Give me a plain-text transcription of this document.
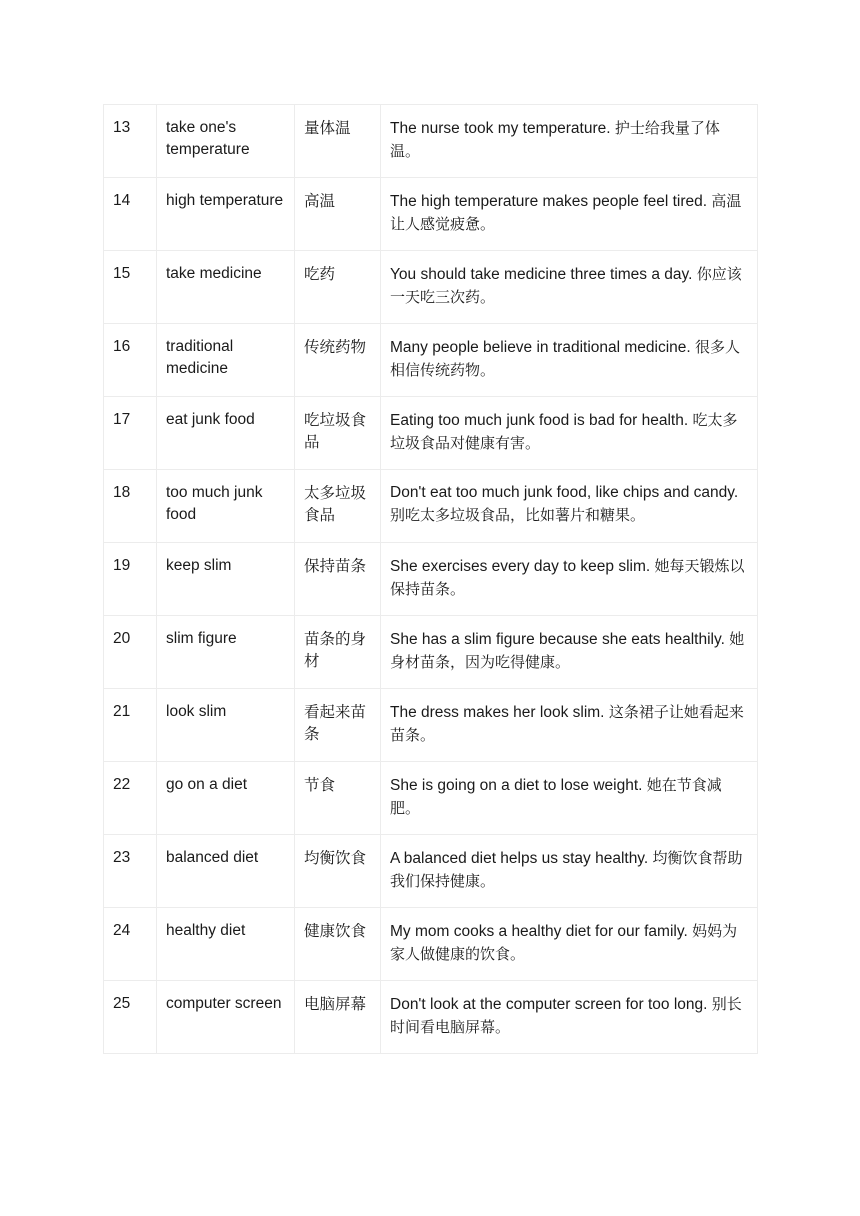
13	take one's temperature	量体温	The nurse took my temperature. 护士给我量了体温。
14	high temperature	高温	The high temperature makes people feel tired. 高温让人感觉疲惫。
15	take medicine	吃药	You should take medicine three times a day. 你应该一天吃三次药。
16	traditional medicine	传统药物	Many people believe in traditional medicine. 很多人相信传统药物。
17	eat junk food	吃垃圾食品	Eating too much junk food is bad for health. 吃太多垃圾食品对健康有害。
18	too much junk food	太多垃圾食品	Don't eat too much junk food, like chips and candy. 别吃太多垃圾食品，比如薯片和糖果。
19	keep slim	保持苗条	She exercises every day to keep slim. 她每天锻炼以保持苗条。
20	slim figure	苗条的身材	She has a slim figure because she eats healthily. 她身材苗条，因为吃得健康。
21	look slim	看起来苗条	The dress makes her look slim. 这条裙子让她看起来苗条。
22	go on a diet	节食	She is going on a diet to lose weight. 她在节食减肥。
23	balanced diet	均衡饮食	A balanced diet helps us stay healthy. 均衡饮食帮助我们保持健康。
24	healthy diet	健康饮食	My mom cooks a healthy diet for our family. 妈妈为家人做健康的饮食。
25	computer screen	电脑屏幕	Don't look at the computer screen for too long. 别长时间看电脑屏幕。
